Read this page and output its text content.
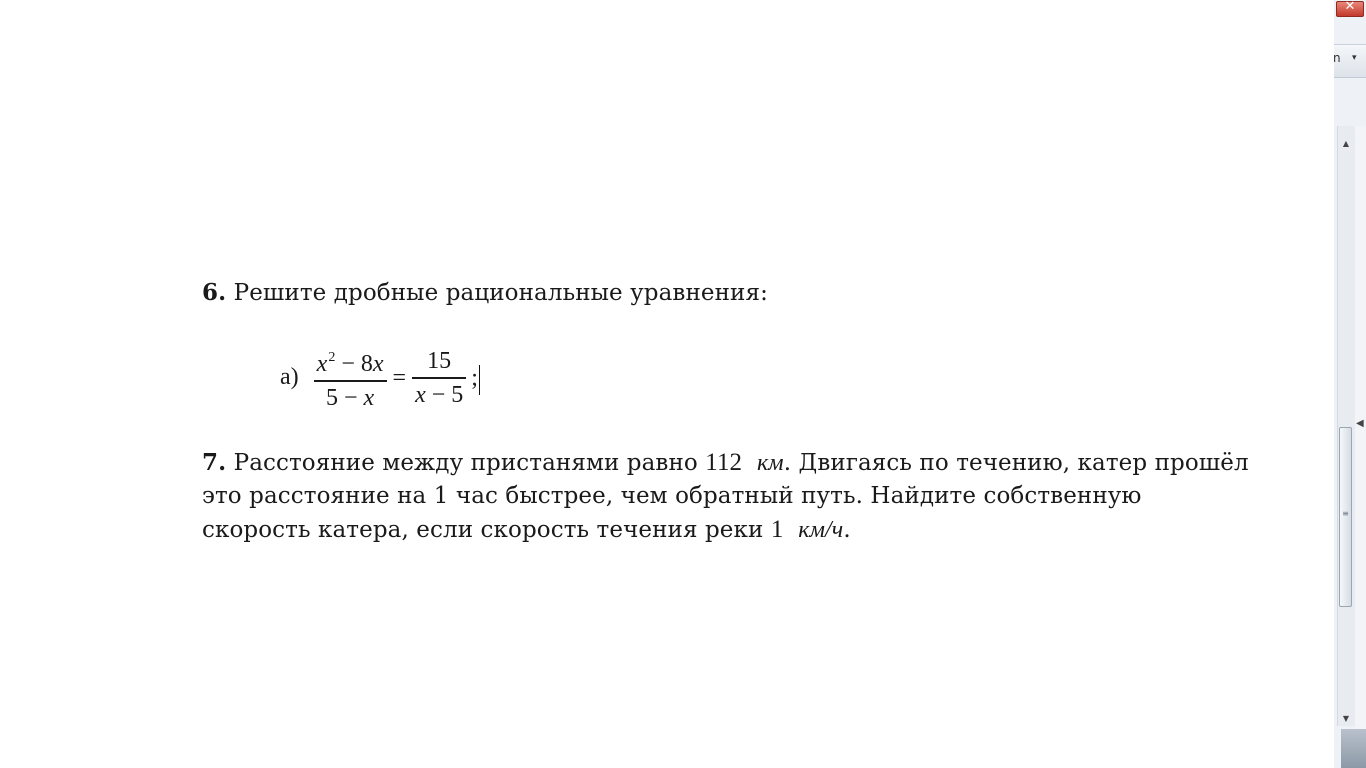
6. Решите дробные рациональные уравнения:
$а) \frac{x^2 - 8x}{5 - x} = \frac{15}{x - 5}$ ;
7. Расстояние между пристанями равно 112 км. Двигаясь по течению, катер прошёл это расстояние на 1 час быстрее, чем обратный путь. Найдите собственную скорость катера, если скорость течения реки 1 км/ч.
✕
n ▾
◀
▲
≡
▼
